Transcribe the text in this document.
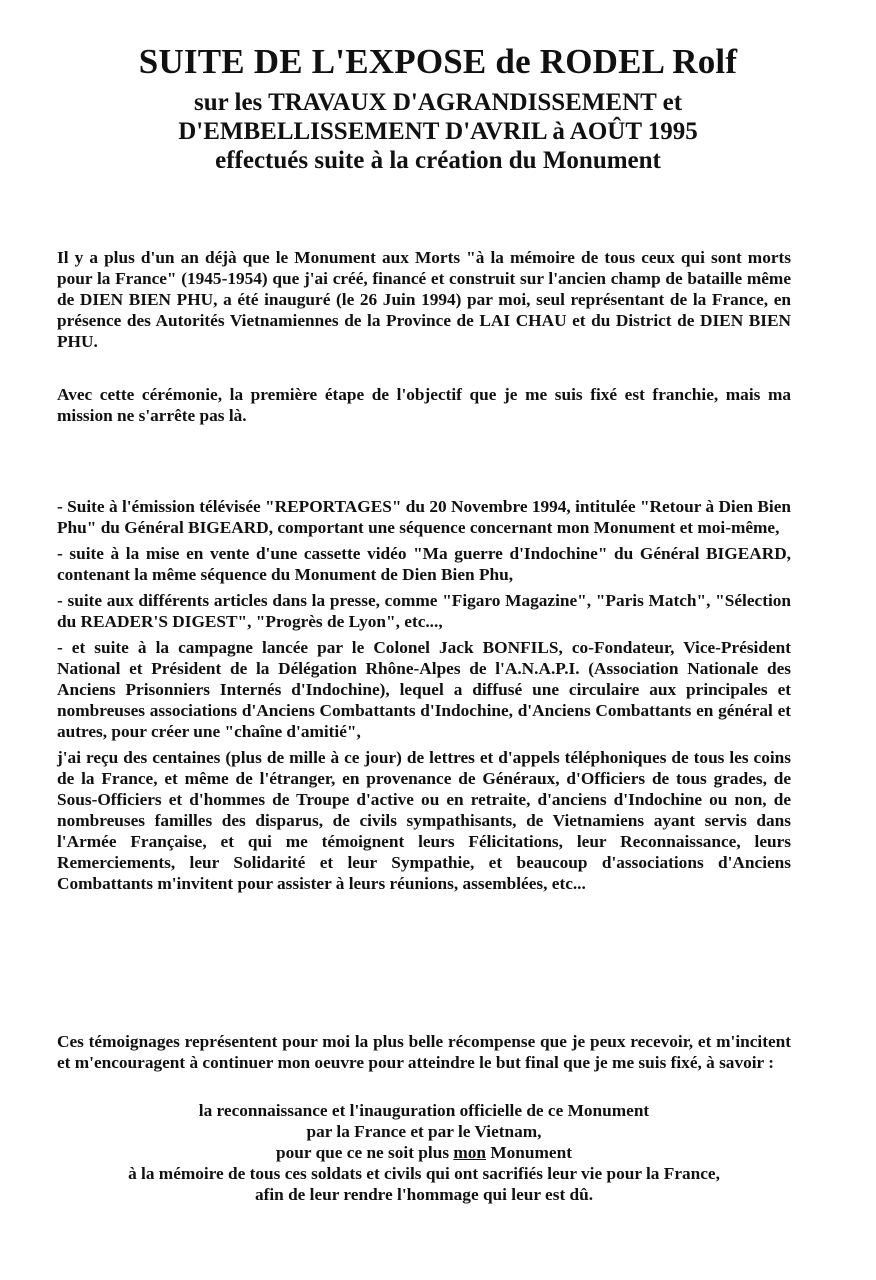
SUITE DE L'EXPOSE de RODEL Rolf
sur les TRAVAUX D'AGRANDISSEMENT et
D'EMBELLISSEMENT D'AVRIL à AOÛT 1995
effectués suite à la création du Monument

Il y a plus d'un an déjà que le Monument aux Morts "à la mémoire de tous ceux qui sont morts pour la France" (1945-1954) que j'ai créé, financé et construit sur l'ancien champ de bataille même de DIEN BIEN PHU, a été inauguré (le 26 Juin 1994) par moi, seul représentant de la France, en présence des Autorités Vietnamiennes de la Province de LAI CHAU et du District de DIEN BIEN PHU.

Avec cette cérémonie, la première étape de l'objectif que je me suis fixé est franchie, mais ma mission ne s'arrête pas là.

- Suite à l'émission télévisée "REPORTAGES" du 20 Novembre 1994, intitulée "Retour à Dien Bien Phu" du Général BIGEARD, comportant une séquence concernant mon Monument et moi-même,

- suite à la mise en vente d'une cassette vidéo "Ma guerre d'Indochine" du Général BIGEARD, contenant la même séquence du Monument de Dien Bien Phu,

- suite aux différents articles dans la presse, comme "Figaro Magazine", "Paris Match", "Sélection du READER'S DIGEST", "Progrès de Lyon", etc...,

- et suite à la campagne lancée par le Colonel Jack BONFILS, co-Fondateur, Vice-Président National et Président de la Délégation Rhône-Alpes de l'A.N.A.P.I. (Association Nationale des Anciens Prisonniers Internés d'Indochine), lequel a diffusé une circulaire aux principales et nombreuses associations d'Anciens Combattants d'Indochine, d'Anciens Combattants en général et autres, pour créer une "chaîne d'amitié",

j'ai reçu des centaines (plus de mille à ce jour) de lettres et d'appels téléphoniques de tous les coins de la France, et même de l'étranger, en provenance de Généraux, d'Officiers de tous grades, de Sous-Officiers et d'hommes de Troupe d'active ou en retraite, d'anciens d'Indochine ou non, de nombreuses familles des disparus, de civils sympathisants, de Vietnamiens ayant servis dans l'Armée Française, et qui me témoignent leurs Félicitations, leur Reconnaissance, leurs Remerciements, leur Solidarité et leur Sympathie, et beaucoup d'associations d'Anciens Combattants m'invitent pour assister à leurs réunions, assemblées, etc...

Ces témoignages représentent pour moi la plus belle récompense que je peux recevoir, et m'incitent et m'encouragent à continuer mon oeuvre pour atteindre le but final que je me suis fixé, à savoir :

la reconnaissance et l'inauguration officielle de ce Monument
par la France et par le Vietnam,
pour que ce ne soit plus mon Monument
à la mémoire de tous ces soldats et civils qui ont sacrifiés leur vie pour la France,
afin de leur rendre l'hommage qui leur est dû.
